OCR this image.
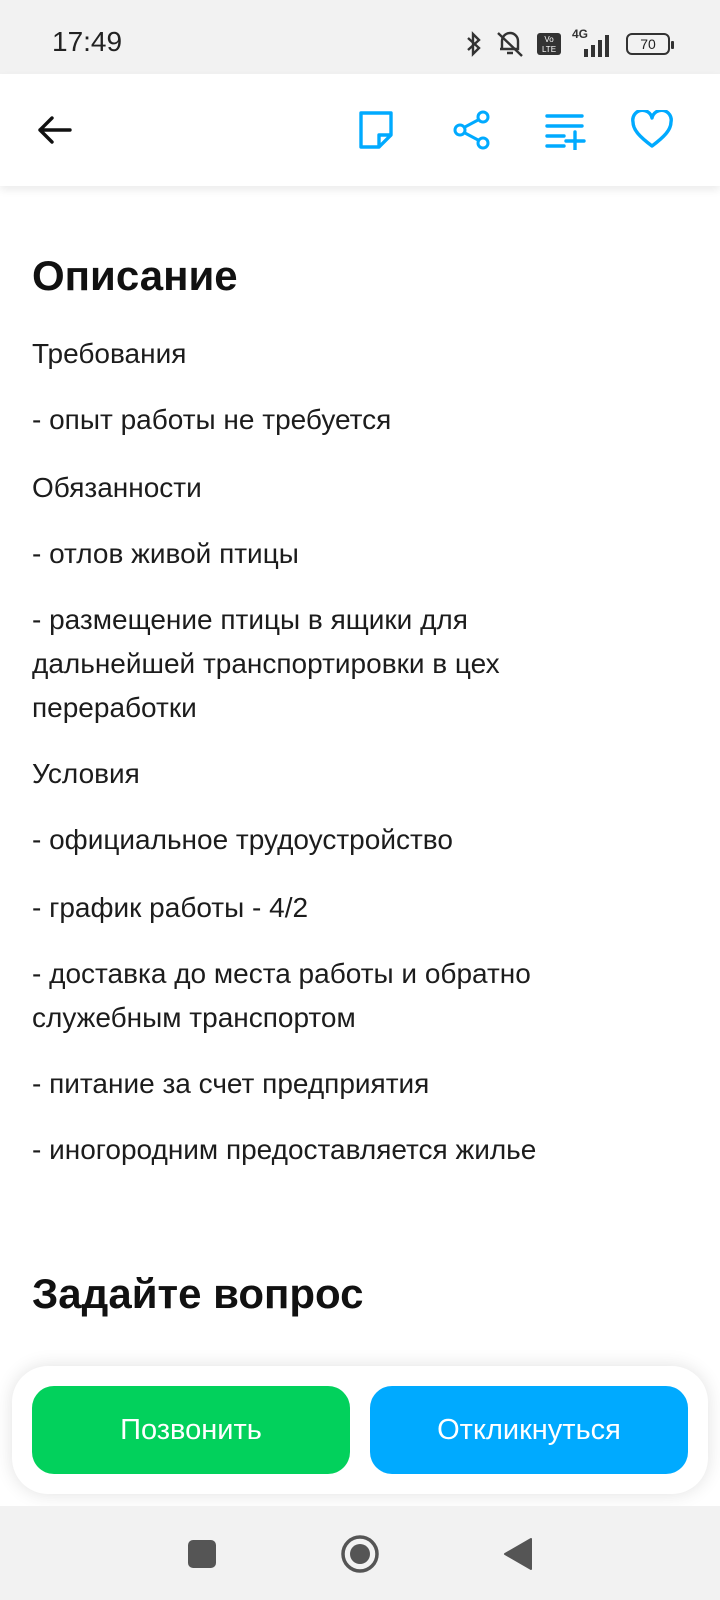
17:49	Vo
LTE
4G
70
Описание
Требования
- опыт работы не требуется
Обязанности
- отлов живой птицы
- размещение птицы в ящики для дальнейшей транспортировки в цех переработки
Условия
- официальное трудоустройство
- график работы - 4/2
- доставка до места работы и обратно служебным транспортом
- питание за счет предприятия
- иногородним предоставляется жилье
Задайте вопрос
Позвонить	Откликнуться
